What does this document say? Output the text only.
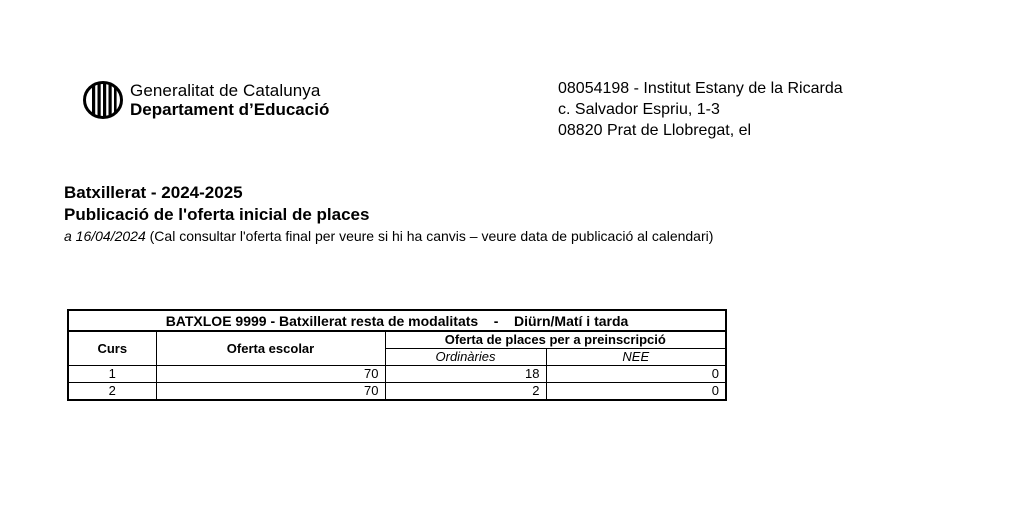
Generalitat de Catalunya
Departament d’Educació
08054198 - Institut Estany de la Ricarda
c. Salvador Espriu, 1-3
08820 Prat de Llobregat, el
Batxillerat - 2024-2025
Publicació de l'oferta inicial de places
a 16/04/2024 (Cal consultar l'oferta final per veure si hi ha canvis – veure data de publicació al calendari)
BATXLOE 9999 - Batxillerat resta de modalitats    -    Diürn/Matí i tarda			
Curs	Oferta escolar	Oferta de places per a preinscripció	
		Ordinàries	NEE
1	70	18	0
2	70	2	0
